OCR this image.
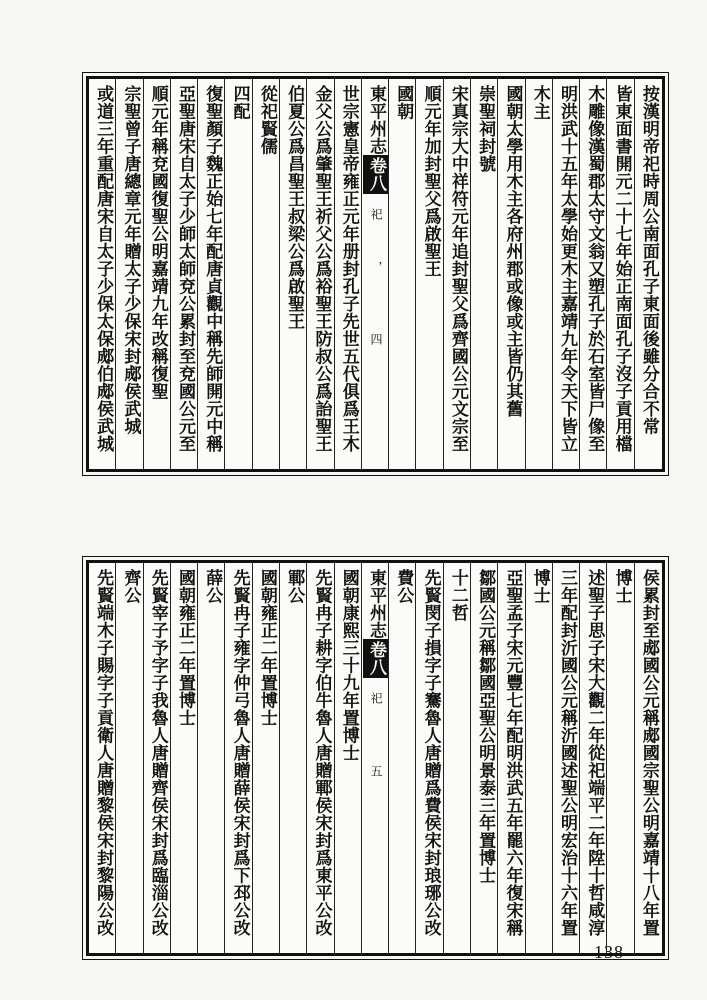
按漢明帝祀時周公南面孔子東面後雖分合不常
皆東面書開元二十七年始正南面孔子沒子貢用檔
木雕像漢蜀郡太守文翁又塑孔子於石室皆尸像至
明洪武十五年太學始更木主嘉靖九年令天下皆立
木主
國朝太學用木主各府州郡或像或主皆仍其舊
崇聖祠封號
宋真宗大中祥符元年追封聖父爲齊國公元文宗至
順元年加封聖父爲啟聖王
國朝
東平州志卷八祀，四
世宗憲皇帝雍正元年册封孔子先世五代俱爲王木
金父公爲肇聖王祈父公爲裕聖王防叔公爲詒聖王
伯夏公爲昌聖王叔梁公爲啟聖王
從祀賢儒
四配
復聖顏子魏正始七年配唐貞觀中稱先師開元中稱
亞聖唐宋自太子少師太師兗公累封至兗國公元至
順元年稱兗國復聖公明嘉靖九年改稱復聖
宗聖曾子唐總章元年贈太子少保宋封郕侯武城
或道三年重配唐宋自太子少保太保郕伯郕侯武城
侯累封至郕國公元稱郕國宗聖公明嘉靖十八年置
博士
述聖子思子宋大觀二年從祀端平二年陞十哲咸淳
三年配封沂國公元稱沂國述聖公明宏治十六年置
博士
亞聖孟子宋元豐七年配明洪武五年罷六年復宋稱
鄒國公元稱鄒國亞聖公明景泰三年置博士
十二哲
先賢閔子損字子騫魯人唐贈爲費侯宋封琅琊公改
費公
東平州志卷八祀五
國朝康熙三十九年置博士
先賢冉子耕字伯牛魯人唐贈鄆侯宋封爲東平公改
鄆公
國朝雍正二年置博士
先賢冉子雍字仲弓魯人唐贈薛侯宋封爲下邳公改
薛公
國朝雍正二年置博士
先賢宰子予字子我魯人唐贈齊侯宋封爲臨淄公改
齊公
先賢端木子賜字子貢衛人唐贈黎侯宋封黎陽公改
138
